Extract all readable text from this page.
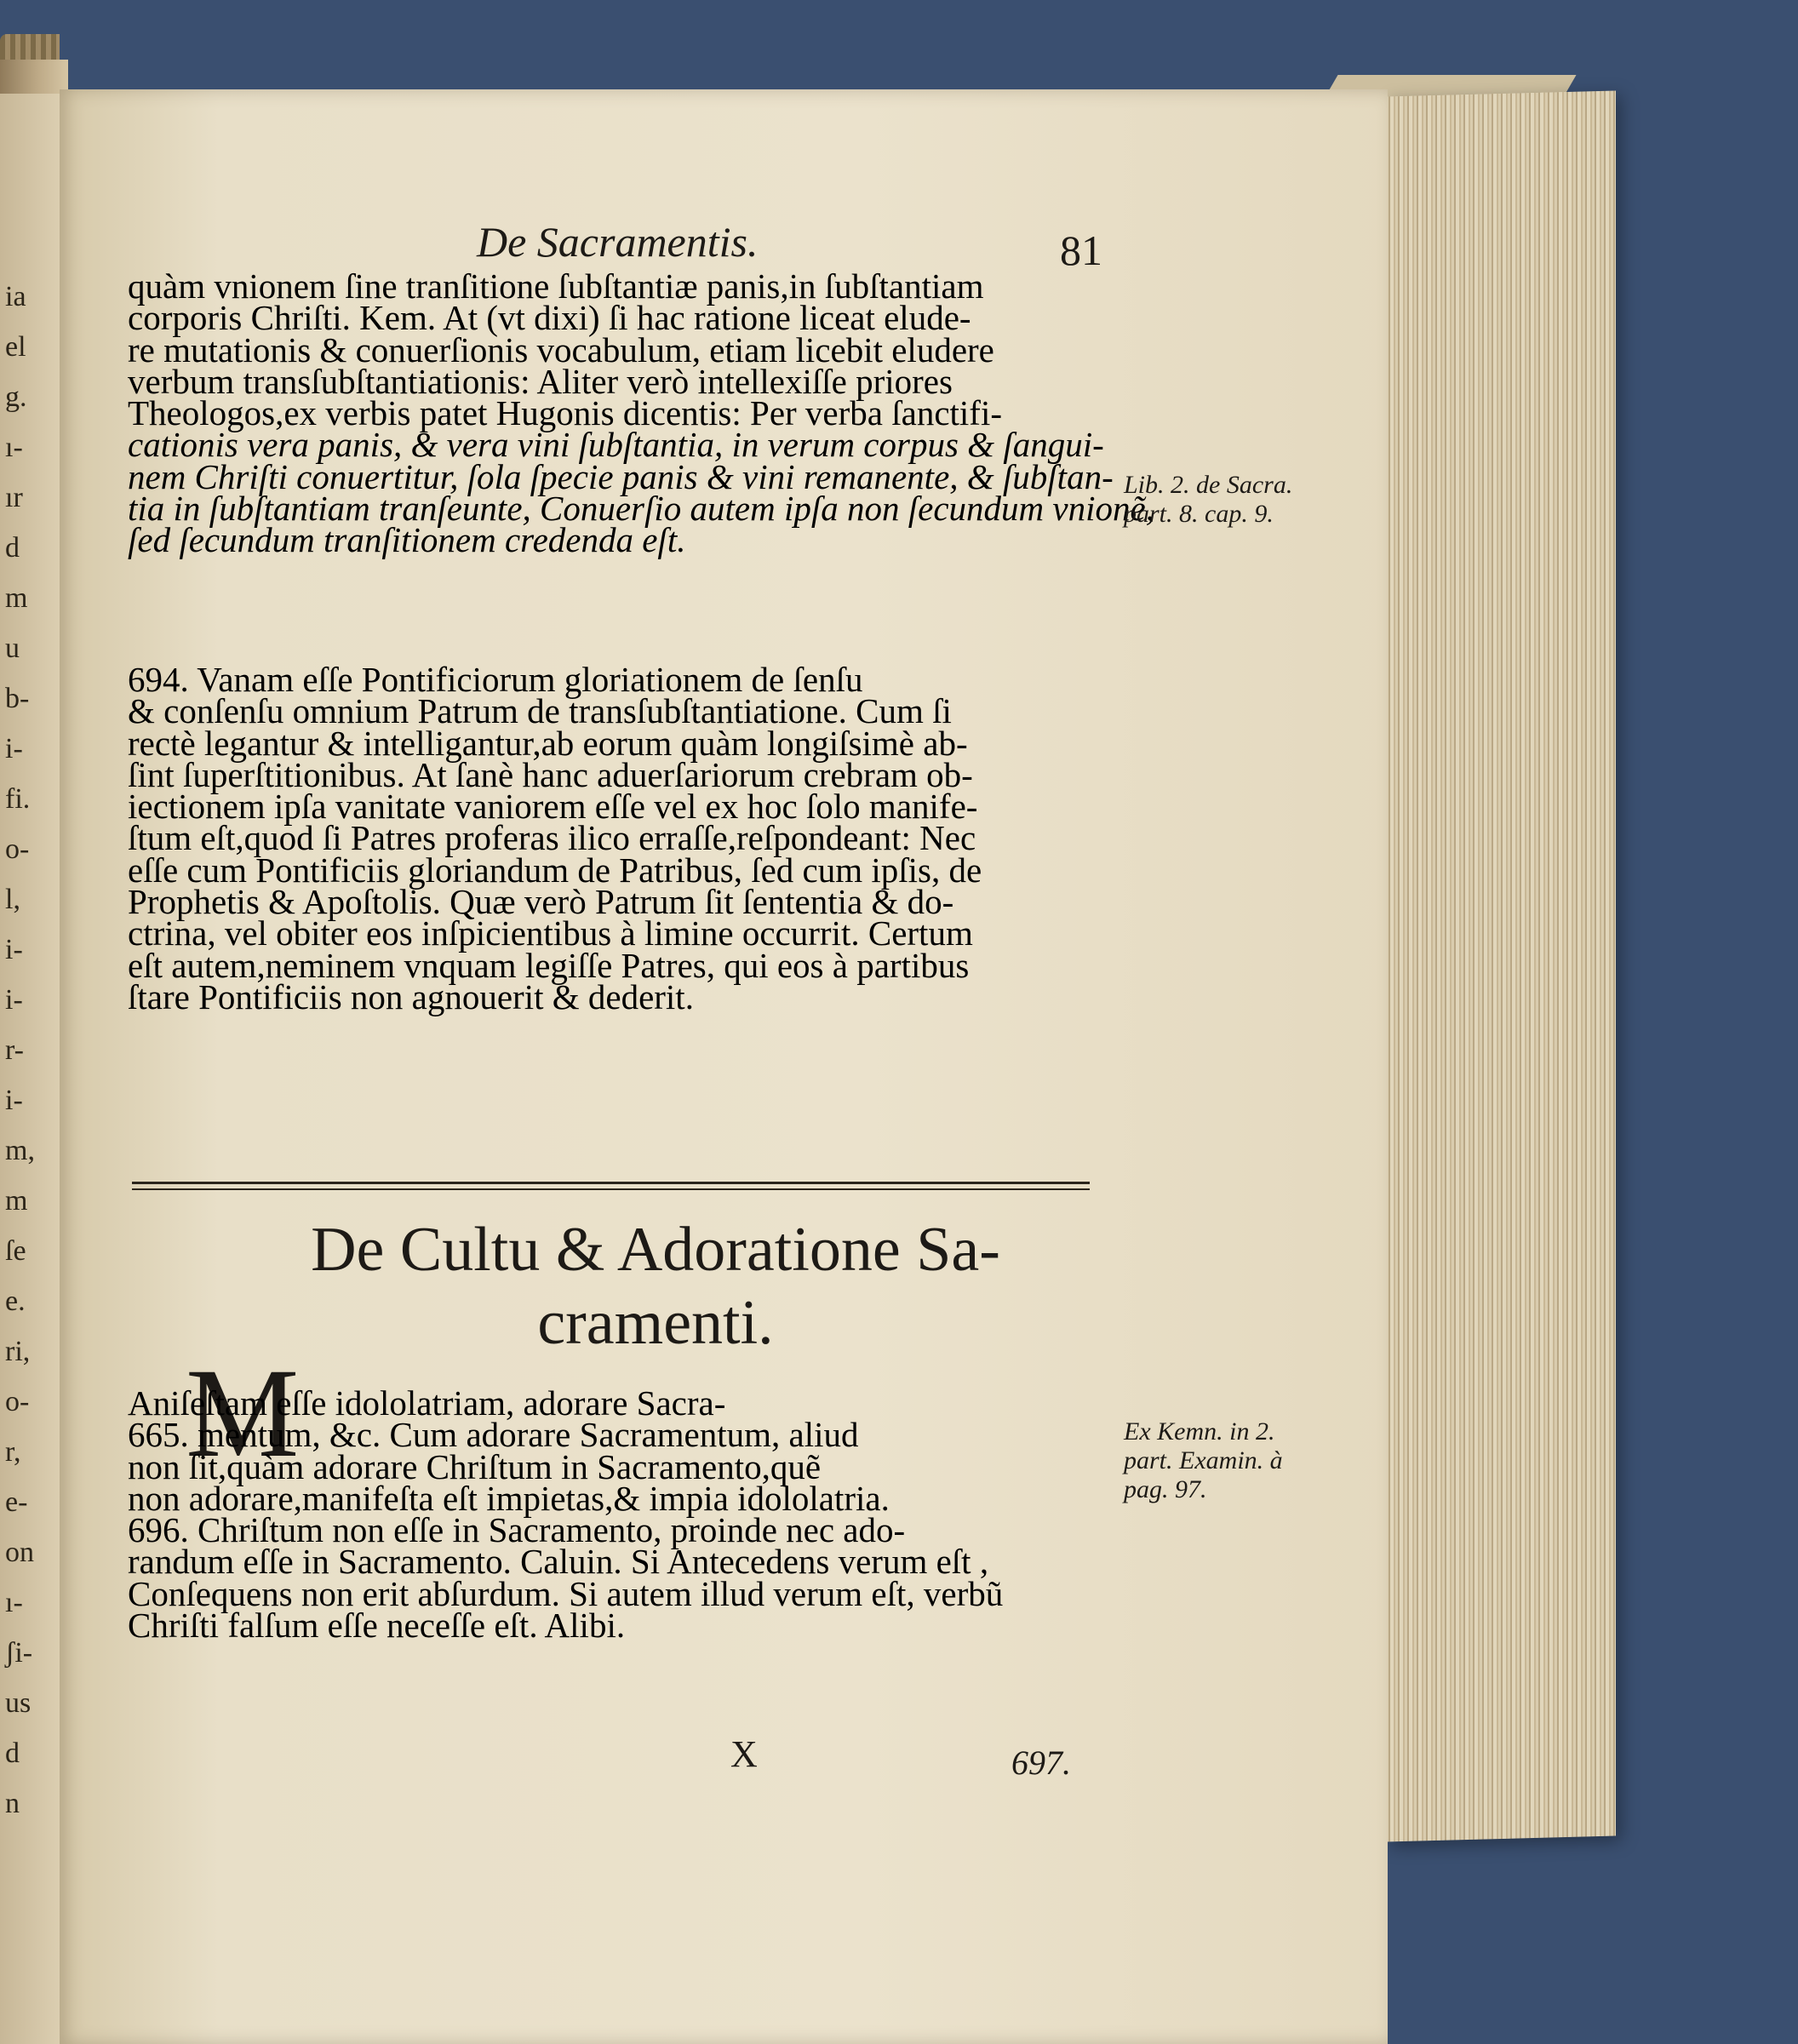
ia
el
g.
ı-
ır
d
m
u
b-
i-
fi.
o-
l,
i-
i-
r-
i-
m,
m
ſe
e.
ri,
o-
r,
e-
on
ı-
ʃi-
us
d
n
De Sacramentis.	81
quàm vnionem ſine tranſitione ſubſtantiæ panis,in ſubſtantiam
corporis Chriſti. Kem. At (vt dixi) ſi hac ratione liceat elude-
re mutationis & conuerſionis vocabulum, etiam licebit eludere
verbum transſubſtantiationis: Aliter verò intellexiſſe priores
Theologos,ex verbis patet Hugonis dicentis: Per verba ſanctifi-
cationis vera panis, & vera vini ſubſtantia, in verum corpus & ſangui-
nem Chriſti conuertitur, ſola ſpecie panis & vini remanente, & ſubſtan-
tia in ſubſtantiam tranſeunte, Conuerſio autem ipſa non ſecundum vnionẽ,
ſed ſecundum tranſitionem credenda eſt.
Lib. 2. de Sacra.
part. 8. cap. 9.
694. Vanam eſſe Pontificiorum gloriationem de ſenſu
& conſenſu omnium Patrum de transſubſtantiatione. Cum ſi
rectè legantur & intelligantur,ab eorum quàm longiſsimè ab-
ſint ſuperſtitionibus. At ſanè hanc aduerſariorum crebram ob-
iectionem ipſa vanitate vaniorem eſſe vel ex hoc ſolo manife-
ſtum eſt,quod ſi Patres proferas ilico erraſſe,reſpondeant: Nec
eſſe cum Pontificiis gloriandum de Patribus, ſed cum ipſis, de
Prophetis & Apoſtolis. Quæ verò Patrum ſit ſententia & do-
ctrina, vel obiter eos inſpicientibus à limine occurrit. Certum
eſt autem,neminem vnquam legiſſe Patres, qui eos à partibus
ſtare Pontificiis non agnouerit & dederit.
De Cultu & Adoratione Sa-
cramenti.
M
Aniſeſtam eſſe idololatriam, adorare Sacra-
665. mentum, &c. Cum adorare Sacramentum, aliud
non ſit,quàm adorare Chriſtum in Sacramento,quẽ
non adorare,manifeſta eſt impietas,& impia idololatria.
696. Chriſtum non eſſe in Sacramento, proinde nec ado-
randum eſſe in Sacramento. Caluin. Si Antecedens verum eſt ,
Conſequens non erit abſurdum. Si autem illud verum eſt, verbũ
Chriſti falſum eſſe neceſſe eſt. Alibi.
Ex Kemn. in 2.
part. Examin. à
pag. 97.
X	697.
